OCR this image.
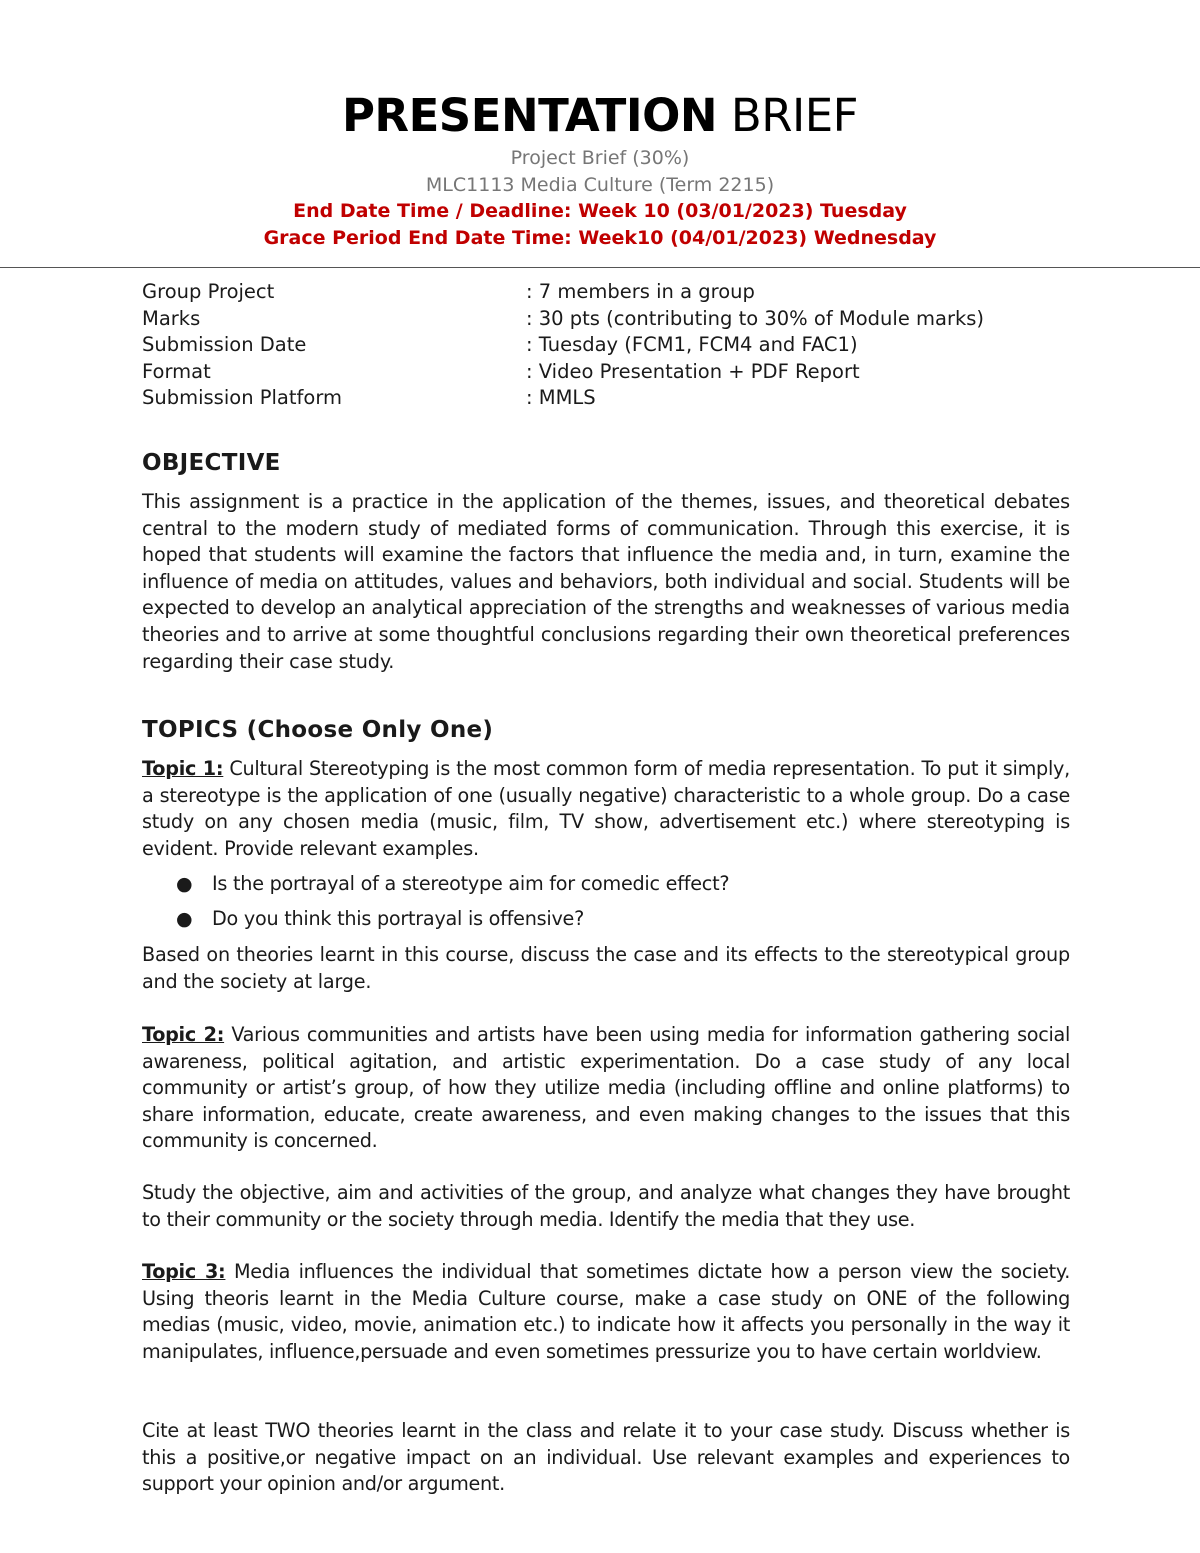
PRESENTATION BRIEF
Project Brief (30%)
MLC1113 Media Culture (Term 2215)
End Date Time / Deadline: Week 10 (03/01/2023) Tuesday
Grace Period End Date Time: Week10 (04/01/2023) Wednesday
Group Project	: 7 members in a group
Marks	: 30 pts (contributing to 30% of Module marks)
Submission Date	: Tuesday (FCM1, FCM4 and FAC1)
Format	: Video Presentation + PDF Report
Submission Platform	: MMLS
OBJECTIVE

This assignment is a practice in the application of the themes, issues, and theoretical debates central to the modern study of mediated forms of communication. Through this exercise, it is hoped that students will examine the factors that influence the media and, in turn, examine the influence of media on attitudes, values and behaviors, both individual and social. Students will be expected to develop an analytical appreciation of the strengths and weaknesses of various media theories and to arrive at some thoughtful conclusions regarding their own theoretical preferences regarding their case study.

TOPICS (Choose Only One)

Topic 1: Cultural Stereotyping is the most common form of media representation. To put it simply, a stereotype is the application of one (usually negative) characteristic to a whole group. Do a case study on any chosen media (music, film, TV show, advertisement etc.) where stereotyping is evident. Provide relevant examples.

● Is the portrayal of a stereotype aim for comedic effect?
● Do you think this portrayal is offensive?

Based on theories learnt in this course, discuss the case and its effects to the stereotypical group and the society at large.

Topic 2: Various communities and artists have been using media for information gathering social awareness, political agitation, and artistic experimentation. Do a case study of any local community or artist’s group, of how they utilize media (including offline and online platforms) to share information, educate, create awareness, and even making changes to the issues that this community is concerned.

Study the objective, aim and activities of the group, and analyze what changes they have brought to their community or the society through media. Identify the media that they use.

Topic 3: Media influences the individual that sometimes dictate how a person view the society. Using theoris learnt in the Media Culture course, make a case study on ONE of the following medias (music, video, movie, animation etc.) to indicate how it affects you personally in the way it manipulates, influence,persuade and even sometimes pressurize you to have certain worldview.

Cite at least TWO theories learnt in the class and relate it to your case study. Discuss whether is this a positive,or negative impact on an individual. Use relevant examples and experiences to support your opinion and/or argument.
